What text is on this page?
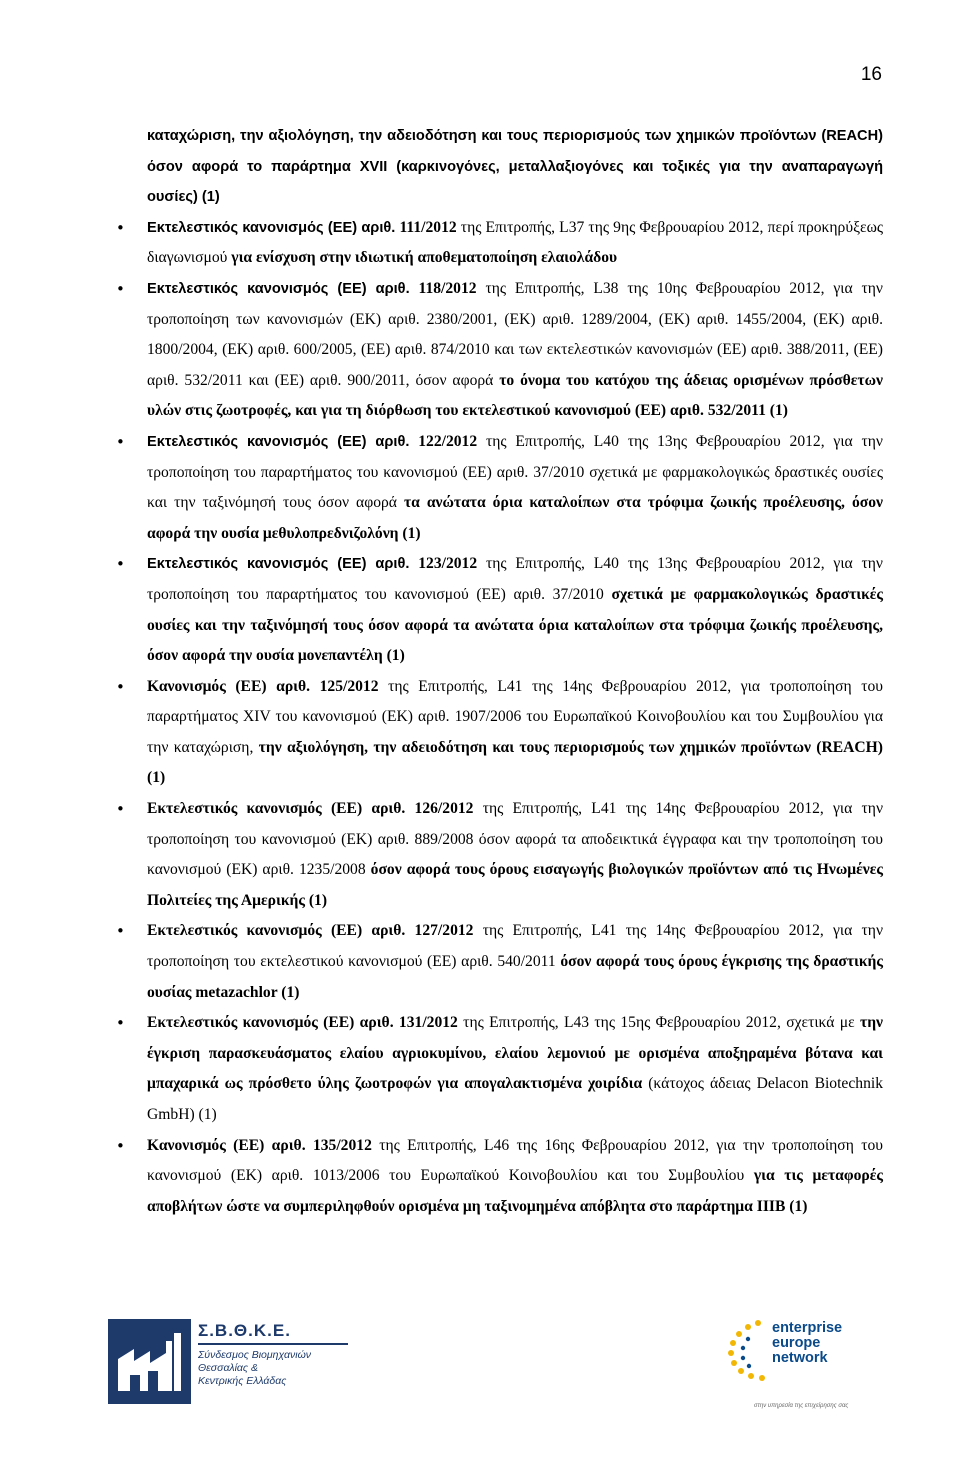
16

καταχώριση, την αξιολόγηση, την αδειοδότηση και τους περιορισμούς των χημικών προϊόντων (REACH) όσον αφορά το παράρτημα XVII (καρκινογόνες, μεταλλαξιογόνες και τοξικές για την αναπαραγωγή ουσίες) (1)

• Εκτελεστικός κανονισμός (ΕΕ) αριθ. 111/2012 της Επιτροπής, L37 της 9ης Φεβρουαρίου 2012, περί προκηρύξεως διαγωνισμού για ενίσχυση στην ιδιωτική αποθεματοποίηση ελαιολάδου
• Εκτελεστικός κανονισμός (ΕΕ) αριθ. 118/2012 της Επιτροπής, L38 της 10ης Φεβρουαρίου 2012, για την τροποποίηση των κανονισμών (ΕΚ) αριθ. 2380/2001, (ΕΚ) αριθ. 1289/2004, (ΕΚ) αριθ. 1455/2004, (ΕΚ) αριθ. 1800/2004, (ΕΚ) αριθ. 600/2005, (ΕΕ) αριθ. 874/2010 και των εκτελεστικών κανονισμών (ΕΕ) αριθ. 388/2011, (ΕΕ) αριθ. 532/2011 και (ΕΕ) αριθ. 900/2011, όσον αφορά το όνομα του κατόχου της άδειας ορισμένων πρόσθετων υλών στις ζωοτροφές, και για τη διόρθωση του εκτελεστικού κανονισμού (ΕΕ) αριθ. 532/2011 (1)
• Εκτελεστικός κανονισμός (ΕΕ) αριθ. 122/2012 της Επιτροπής, L40 της 13ης Φεβρουαρίου 2012, για την τροποποίηση του παραρτήματος του κανονισμού (ΕΕ) αριθ. 37/2010 σχετικά με φαρμακολογικώς δραστικές ουσίες και την ταξινόμησή τους όσον αφορά τα ανώτατα όρια καταλοίπων στα τρόφιμα ζωικής προέλευσης, όσον αφορά την ουσία μεθυλοπρεδνιζολόνη (1)
• Εκτελεστικός κανονισμός (ΕΕ) αριθ. 123/2012 της Επιτροπής, L40 της 13ης Φεβρουαρίου 2012, για την τροποποίηση του παραρτήματος του κανονισμού (ΕΕ) αριθ. 37/2010 σχετικά με φαρμακολογικώς δραστικές ουσίες και την ταξινόμησή τους όσον αφορά τα ανώτατα όρια καταλοίπων στα τρόφιμα ζωικής προέλευσης, όσον αφορά την ουσία μονεπαντέλη (1)
• Κανονισμός (ΕΕ) αριθ. 125/2012 της Επιτροπής, L41 της 14ης Φεβρουαρίου 2012, για τροποποίηση του παραρτήματος XIV του κανονισμού (ΕΚ) αριθ. 1907/2006 του Ευρωπαϊκού Κοινοβουλίου και του Συμβουλίου για την καταχώριση, την αξιολόγηση, την αδειοδότηση και τους περιορισμούς των χημικών προϊόντων (REACH) (1)
• Εκτελεστικός κανονισμός (ΕΕ) αριθ. 126/2012 της Επιτροπής, L41 της 14ης Φεβρουαρίου 2012, για την τροποποίηση του κανονισμού (ΕΚ) αριθ. 889/2008 όσον αφορά τα αποδεικτικά έγγραφα και την τροποποίηση του κανονισμού (ΕΚ) αριθ. 1235/2008 όσον αφορά τους όρους εισαγωγής βιολογικών προϊόντων από τις Ηνωμένες Πολιτείες της Αμερικής (1)
• Εκτελεστικός κανονισμός (ΕΕ) αριθ. 127/2012 της Επιτροπής, L41 της 14ης Φεβρουαρίου 2012, για την τροποποίηση του εκτελεστικού κανονισμού (ΕΕ) αριθ. 540/2011 όσον αφορά τους όρους έγκρισης της δραστικής ουσίας metazachlor (1)
• Εκτελεστικός κανονισμός (ΕΕ) αριθ. 131/2012 της Επιτροπής, L43 της 15ης Φεβρουαρίου 2012, σχετικά με την έγκριση παρασκευάσματος ελαίου αγριοκυμίνου, ελαίου λεμονιού με ορισμένα αποξηραμένα βότανα και μπαχαρικά ως πρόσθετο ύλης ζωοτροφών για απογαλακτισμένα χοιρίδια (κάτοχος άδειας Delacon Biotechnik GmbH) (1)
• Κανονισμός (ΕΕ) αριθ. 135/2012 της Επιτροπής, L46 της 16ης Φεβρουαρίου 2012, για την τροποποίηση του κανονισμού (ΕΚ) αριθ. 1013/2006 του Ευρωπαϊκού Κοινοβουλίου και του Συμβουλίου για τις μεταφορές αποβλήτων ώστε να συμπεριληφθούν ορισμένα μη ταξινομημένα απόβλητα στο παράρτημα IIIB (1)
Σ.Β.Θ.Κ.Ε.
Σύνδεσμος Βιομηχανιών
Θεσσαλίας &
Κεντρικής Ελλάδας
enterprise
europe
network
στην υπηρεσία της επιχείρησης σας
